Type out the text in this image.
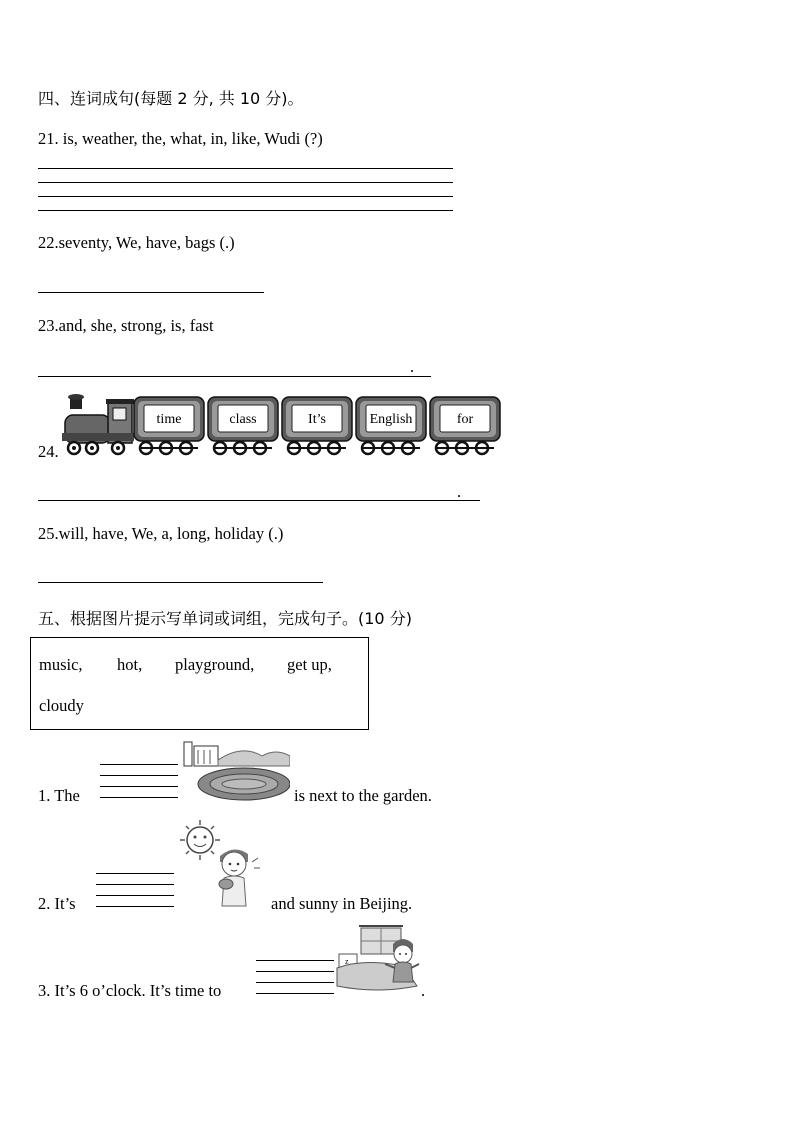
四、连词成句(每题 2 分, 共 10 分)。
21. is, weather, the, what, in, like, Wudi (?)
22.seventy, We, have, bags (.)
23.and, she, strong, is, fast
.
24.
time	class	It’s	English	for
.
25.will, have, We, a, long, holiday (.)
五、根据图片提示写单词或词组，完成句子。(10 分)
music, hot, playground, get up,
cloudy
1. The	is next to the garden.
2. It’s	and sunny in Beijing.
3. It’s 6 o’clock. It’s time to
z
.
